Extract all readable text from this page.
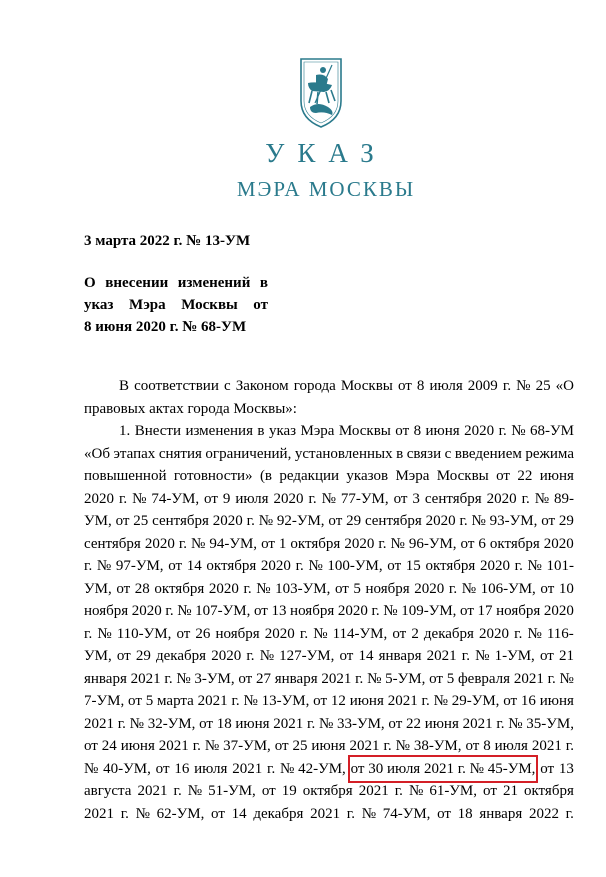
УКАЗ
МЭРА МОСКВЫ
3 марта 2022 г. № 13-УМ
О внесении изменений в
указ Мэра Москвы от
8 июня 2020 г. № 68-УМ
В соответствии с Законом города Москвы от 8 июля 2009 г. № 25 «О
правовых актах города Москвы»:
1. Внести изменения в указ Мэра Москвы от 8 июня 2020 г. № 68-УМ
«Об этапах снятия ограничений, установленных в связи с введением режима
повышенной готовности» (в редакции указов Мэра Москвы от 22 июня
2020 г. № 74-УМ, от 9 июля 2020 г. № 77-УМ, от 3 сентября 2020 г. № 89-
УМ, от 25 сентября 2020 г. № 92-УМ, от 29 сентября 2020 г. № 93-УМ, от 29
сентября 2020 г. № 94-УМ, от 1 октября 2020 г. № 96-УМ, от 6 октября 2020
г. № 97-УМ, от 14 октября 2020 г. № 100-УМ, от 15 октября 2020 г. № 101-
УМ, от 28 октября 2020 г. № 103-УМ, от 5 ноября 2020 г. № 106-УМ, от 10
ноября 2020 г. № 107-УМ, от 13 ноября 2020 г. № 109-УМ, от 17 ноября 2020
г. № 110-УМ, от 26 ноября 2020 г. № 114-УМ, от 2 декабря 2020 г. № 116-
УМ, от 29 декабря 2020 г. № 127-УМ, от 14 января 2021 г. № 1-УМ, от 21
января 2021 г. № 3-УМ, от 27 января 2021 г. № 5-УМ, от 5 февраля 2021 г. №
7-УМ, от 5 марта 2021 г. № 13-УМ, от 12 июня 2021 г. № 29-УМ, от 16 июня
2021 г. № 32-УМ, от 18 июня 2021 г. № 33-УМ, от 22 июня 2021 г. № 35-УМ,
от 24 июня 2021 г. № 37-УМ, от 25 июня 2021 г. № 38-УМ, от 8 июля 2021 г.
№ 40-УМ, от 16 июля 2021 г. № 42-УМ, от 30 июля 2021 г. № 45-УМ, от 13
августа 2021 г. № 51-УМ, от 19 октября 2021 г. № 61-УМ, от 21 октября
2021 г. № 62-УМ, от 14 декабря 2021 г. № 74-УМ, от 18 января 2022 г.
